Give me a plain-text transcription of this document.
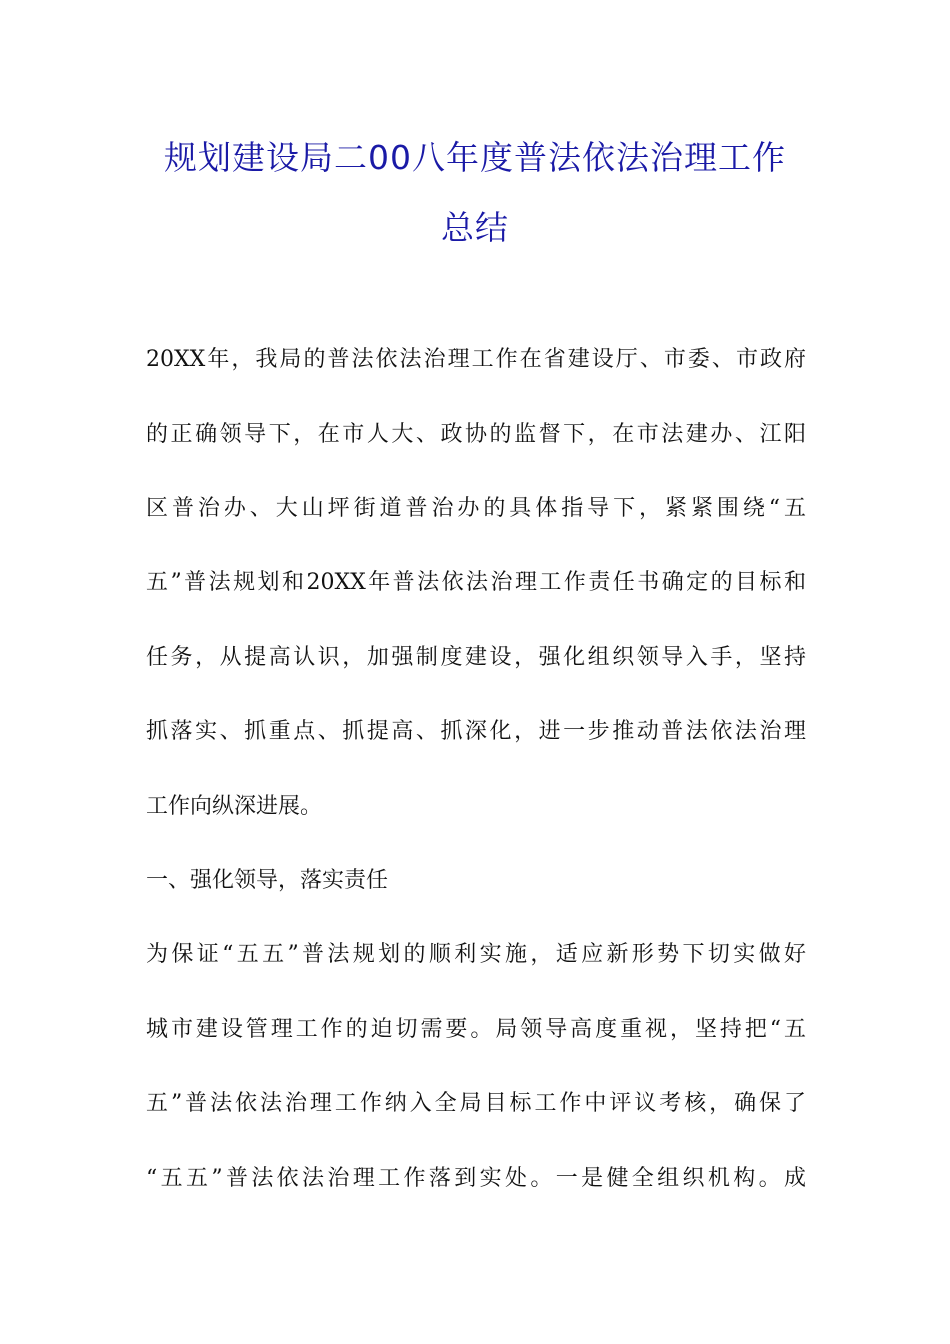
规划建设局二00八年度普法依法治理工作
总结
20XX年，我局的普法依法治理工作在省建设厅、市委、市政府
的正确领导下，在市人大、政协的监督下，在市法建办、江阳
区普治办、大山坪街道普治办的具体指导下，紧紧围绕“五
五”普法规划和20XX年普法依法治理工作责任书确定的目标和
任务，从提高认识，加强制度建设，强化组织领导入手，坚持
抓落实、抓重点、抓提高、抓深化，进一步推动普法依法治理
工作向纵深进展。
一、强化领导，落实责任
为保证“五五”普法规划的顺利实施，适应新形势下切实做好
城市建设管理工作的迫切需要。局领导高度重视，坚持把“五
五”普法依法治理工作纳入全局目标工作中评议考核，确保了
“五五”普法依法治理工作落到实处。一是健全组织机构。成
